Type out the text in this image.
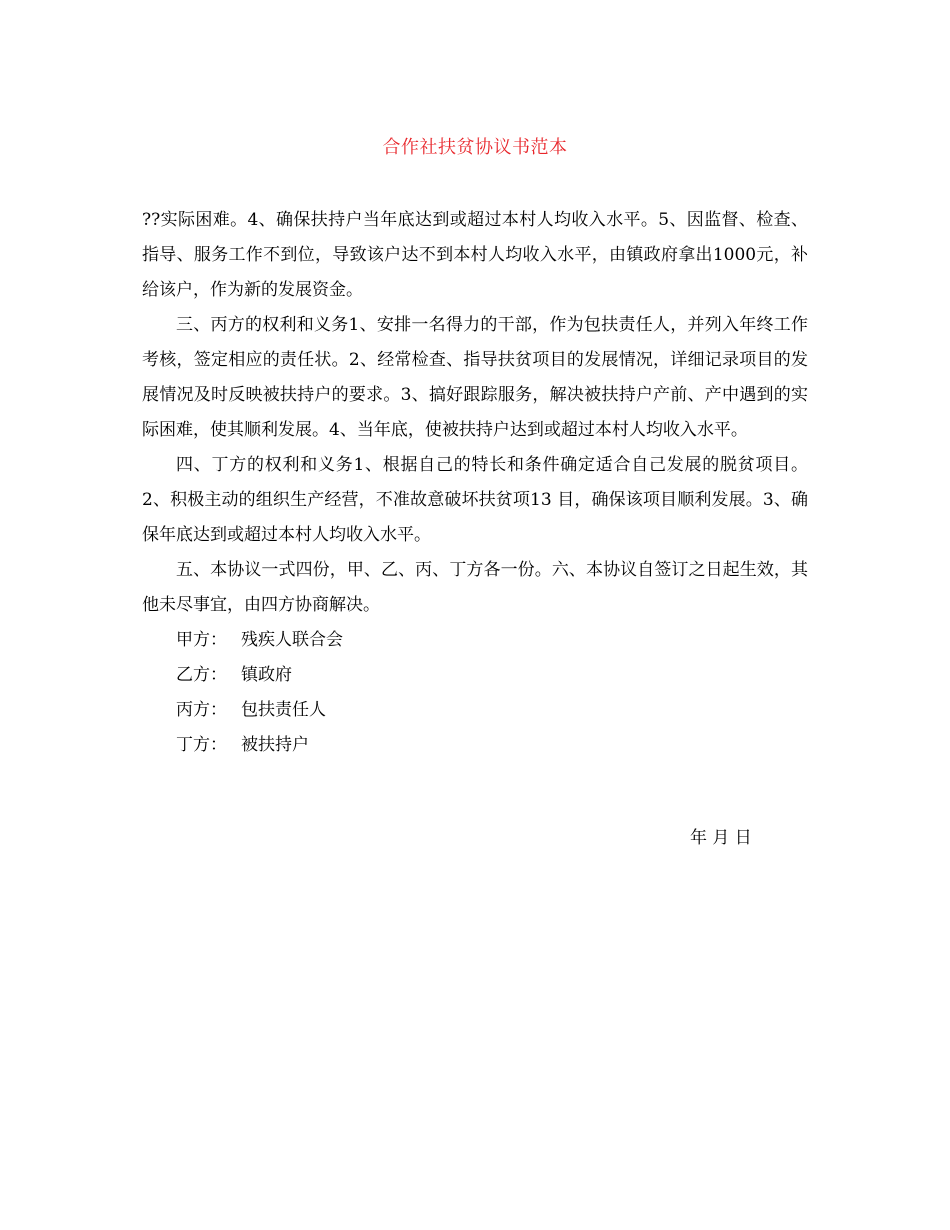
合作社扶贫协议书范本

??实际困难。4、确保扶持户当年底达到或超过本村人均收入水平。5、因监督、检查、指导、服务工作不到位，导致该户达不到本村人均收入水平，由镇政府拿出1000元，补给该户，作为新的发展资金。

三、丙方的权利和义务1、安排一名得力的干部，作为包扶责任人，并列入年终工作考核，签定相应的责任状。2、经常检查、指导扶贫项目的发展情况，详细记录项目的发展情况及时反映被扶持户的要求。3、搞好跟踪服务，解决被扶持户产前、产中遇到的实际困难，使其顺利发展。4、当年底，使被扶持户达到或超过本村人均收入水平。

四、丁方的权利和义务1、根据自己的特长和条件确定适合自己发展的脱贫项目。2、积极主动的组织生产经营，不准故意破坏扶贫项13 目，确保该项目顺利发展。3、确保年底达到或超过本村人均收入水平。

五、本协议一式四份，甲、乙、丙、丁方各一份。六、本协议自签订之日起生效，其他未尽事宜，由四方协商解决。

甲方： 残疾人联合会
乙方： 镇政府
丙方： 包扶责任人
丁方： 被扶持户
年 月 日
